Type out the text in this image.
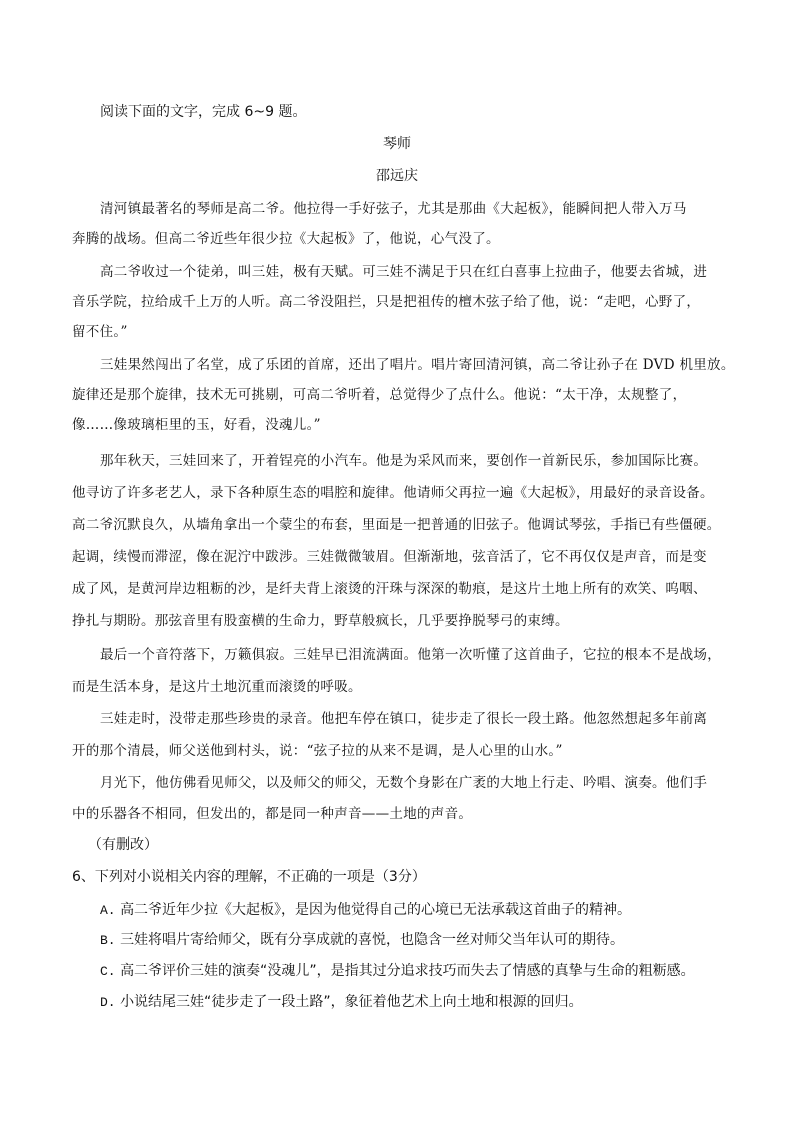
阅读下面的文字，完成 6~9 题。
琴师
邵远庆
清河镇最著名的琴师是高二爷。他拉得一手好弦子，尤其是那曲《大起板》，能瞬间把人带入万马
奔腾的战场。但高二爷近些年很少拉《大起板》了，他说，心气没了。
高二爷收过一个徒弟，叫三娃，极有天赋。可三娃不满足于只在红白喜事上拉曲子，他要去省城，进
音乐学院，拉给成千上万的人听。高二爷没阻拦，只是把祖传的檀木弦子给了他，说：“走吧，心野了，
留不住。”
三娃果然闯出了名堂，成了乐团的首席，还出了唱片。唱片寄回清河镇，高二爷让孙子在 DVD 机里放。
旋律还是那个旋律，技术无可挑剔，可高二爷听着，总觉得少了点什么。他说：“太干净，太规整了，
像……像玻璃柜里的玉，好看，没魂儿。”
那年秋天，三娃回来了，开着锃亮的小汽车。他是为采风而来，要创作一首新民乐，参加国际比赛。
他寻访了许多老艺人，录下各种原生态的唱腔和旋律。他请师父再拉一遍《大起板》，用最好的录音设备。
高二爷沉默良久，从墙角拿出一个蒙尘的布套，里面是一把普通的旧弦子。他调试琴弦，手指已有些僵硬。
起调，续慢而滞涩，像在泥泞中跋涉。三娃微微皱眉。但渐渐地，弦音活了，它不再仅仅是声音，而是变
成了风，是黄河岸边粗粝的沙，是纤夫背上滚烫的汗珠与深深的勒痕，是这片土地上所有的欢笑、呜咽、
挣扎与期盼。那弦音里有股蛮横的生命力，野草般疯长，几乎要挣脱琴弓的束缚。
最后一个音符落下，万籁俱寂。三娃早已泪流满面。他第一次听懂了这首曲子，它拉的根本不是战场，
而是生活本身，是这片土地沉重而滚烫的呼吸。
三娃走时，没带走那些珍贵的录音。他把车停在镇口，徒步走了很长一段土路。他忽然想起多年前离
开的那个清晨，师父送他到村头，说：“弦子拉的从来不是调，是人心里的山水。”
月光下，他仿佛看见师父，以及师父的师父，无数个身影在广袤的大地上行走、吟唱、演奏。他们手
中的乐器各不相同，但发出的，都是同一种声音——土地的声音。
（有删改）
6、下列对小说相关内容的理解，不正确的一项是（3分）
A. 高二爷近年少拉《大起板》，是因为他觉得自己的心境已无法承载这首曲子的精神。
B. 三娃将唱片寄给师父，既有分享成就的喜悦，也隐含一丝对师父当年认可的期待。
C. 高二爷评价三娃的演奏“没魂儿”，是指其过分追求技巧而失去了情感的真挚与生命的粗粝感。
D. 小说结尾三娃“徒步走了一段土路”，象征着他艺术上向土地和根源的回归。
